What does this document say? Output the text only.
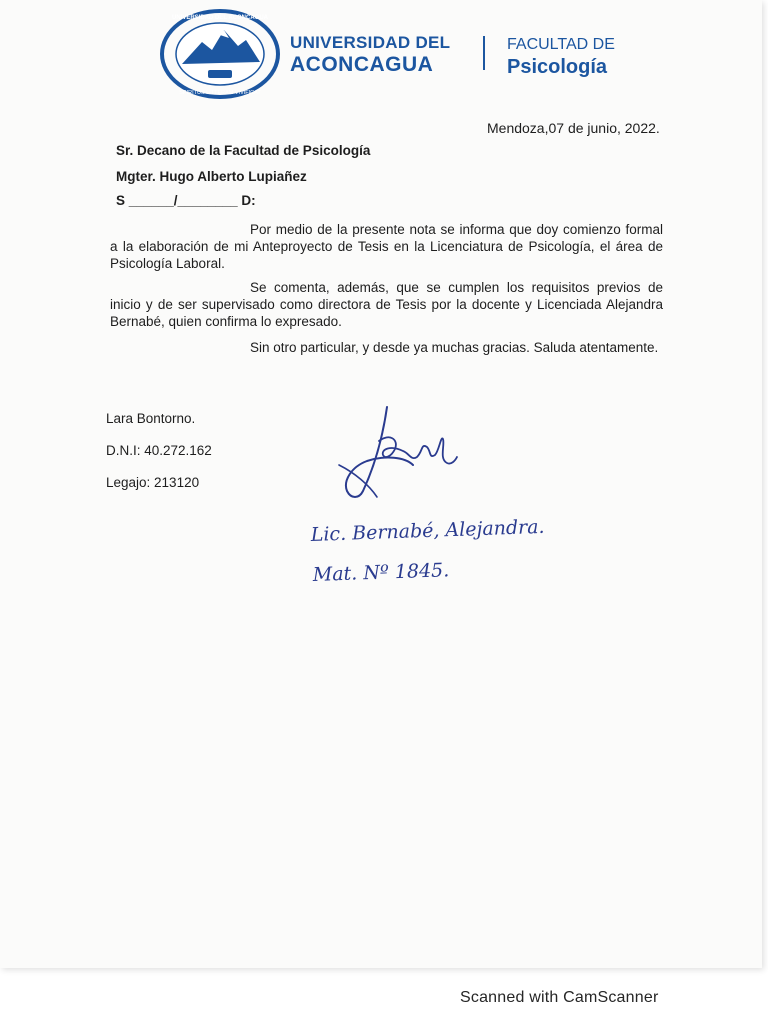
UNIVERSIDAD DEL ACONCAGUA
SPIRITUS LITTERAM VIVIFICAT
UNIVERSIDAD DEL
ACONCAGUA
FACULTAD DE
Psicología
Mendoza,07 de junio, 2022.
Sr. Decano de la Facultad de Psicología
Mgter. Hugo Alberto Lupiañez
S ______/________ D:
Por medio de la presente nota se informa que doy comienzo formal a la elaboración de mi Anteproyecto de Tesis en la Licenciatura de Psicología, el área de Psicología Laboral.
Se comenta, además, que se cumplen los requisitos previos de inicio y de ser supervisado como directora de Tesis por la docente y Licenciada Alejandra Bernabé, quien confirma lo expresado.
Sin otro particular, y desde ya muchas gracias. Saluda atentamente.
Lara Bontorno.
D.N.I: 40.272.162
Legajo: 213120
Lic. Bernabé, Alejandra.
Mat. Nº 1845.
Scanned with CamScanner
